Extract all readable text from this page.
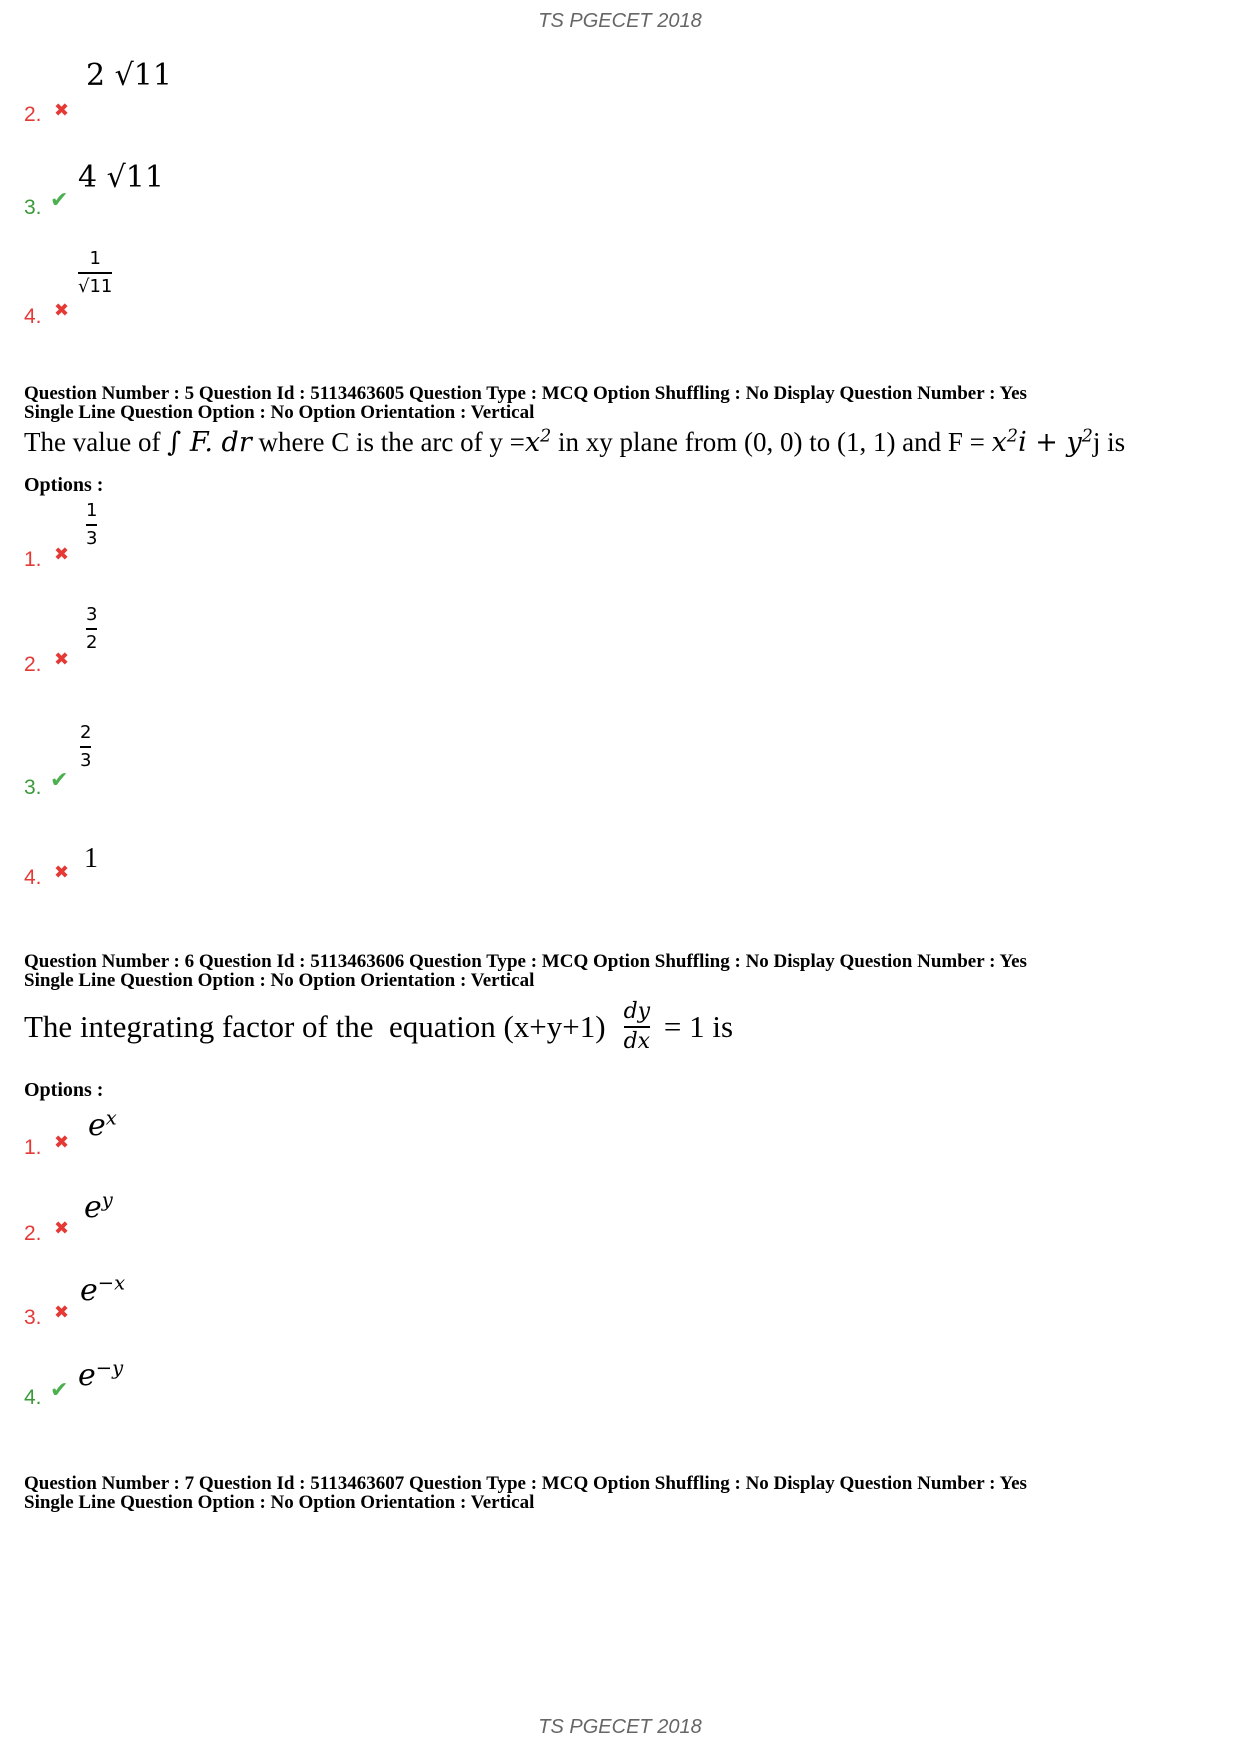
TS PGECET 2018
2. ✖
2 √11
3. ✔
4 √11
4. ✖
1
√11
Question Number : 5 Question Id : 5113463605 Question Type : MCQ Option Shuffling : No Display Question Number : Yes
Single Line Question Option : No Option Orientation : Vertical
The value of ∫ F. dr where C is the arc of $y =x^2$ in xy plane from (0, 0) to (1, 1) and $F = x^2i + y^2j$ is
Options :
1. ✖
1
3
2. ✖
3
2
3. ✔
2
3
4. ✖ 1
Question Number : 6 Question Id : 5113463606 Question Type : MCQ Option Shuffling : No Display Question Number : Yes
Single Line Question Option : No Option Orientation : Vertical
The integrating factor of the  equation $(x+y+1) \frac{dy}{dx} = 1$ is
Options :
1. ✖ $e^x$
2. ✖
$e^y$
3. ✖
$e^{-x}$
4. ✔ $e^{-y}$
Question Number : 7 Question Id : 5113463607 Question Type : MCQ Option Shuffling : No Display Question Number : Yes
Single Line Question Option : No Option Orientation : Vertical
TS PGECET 2018
